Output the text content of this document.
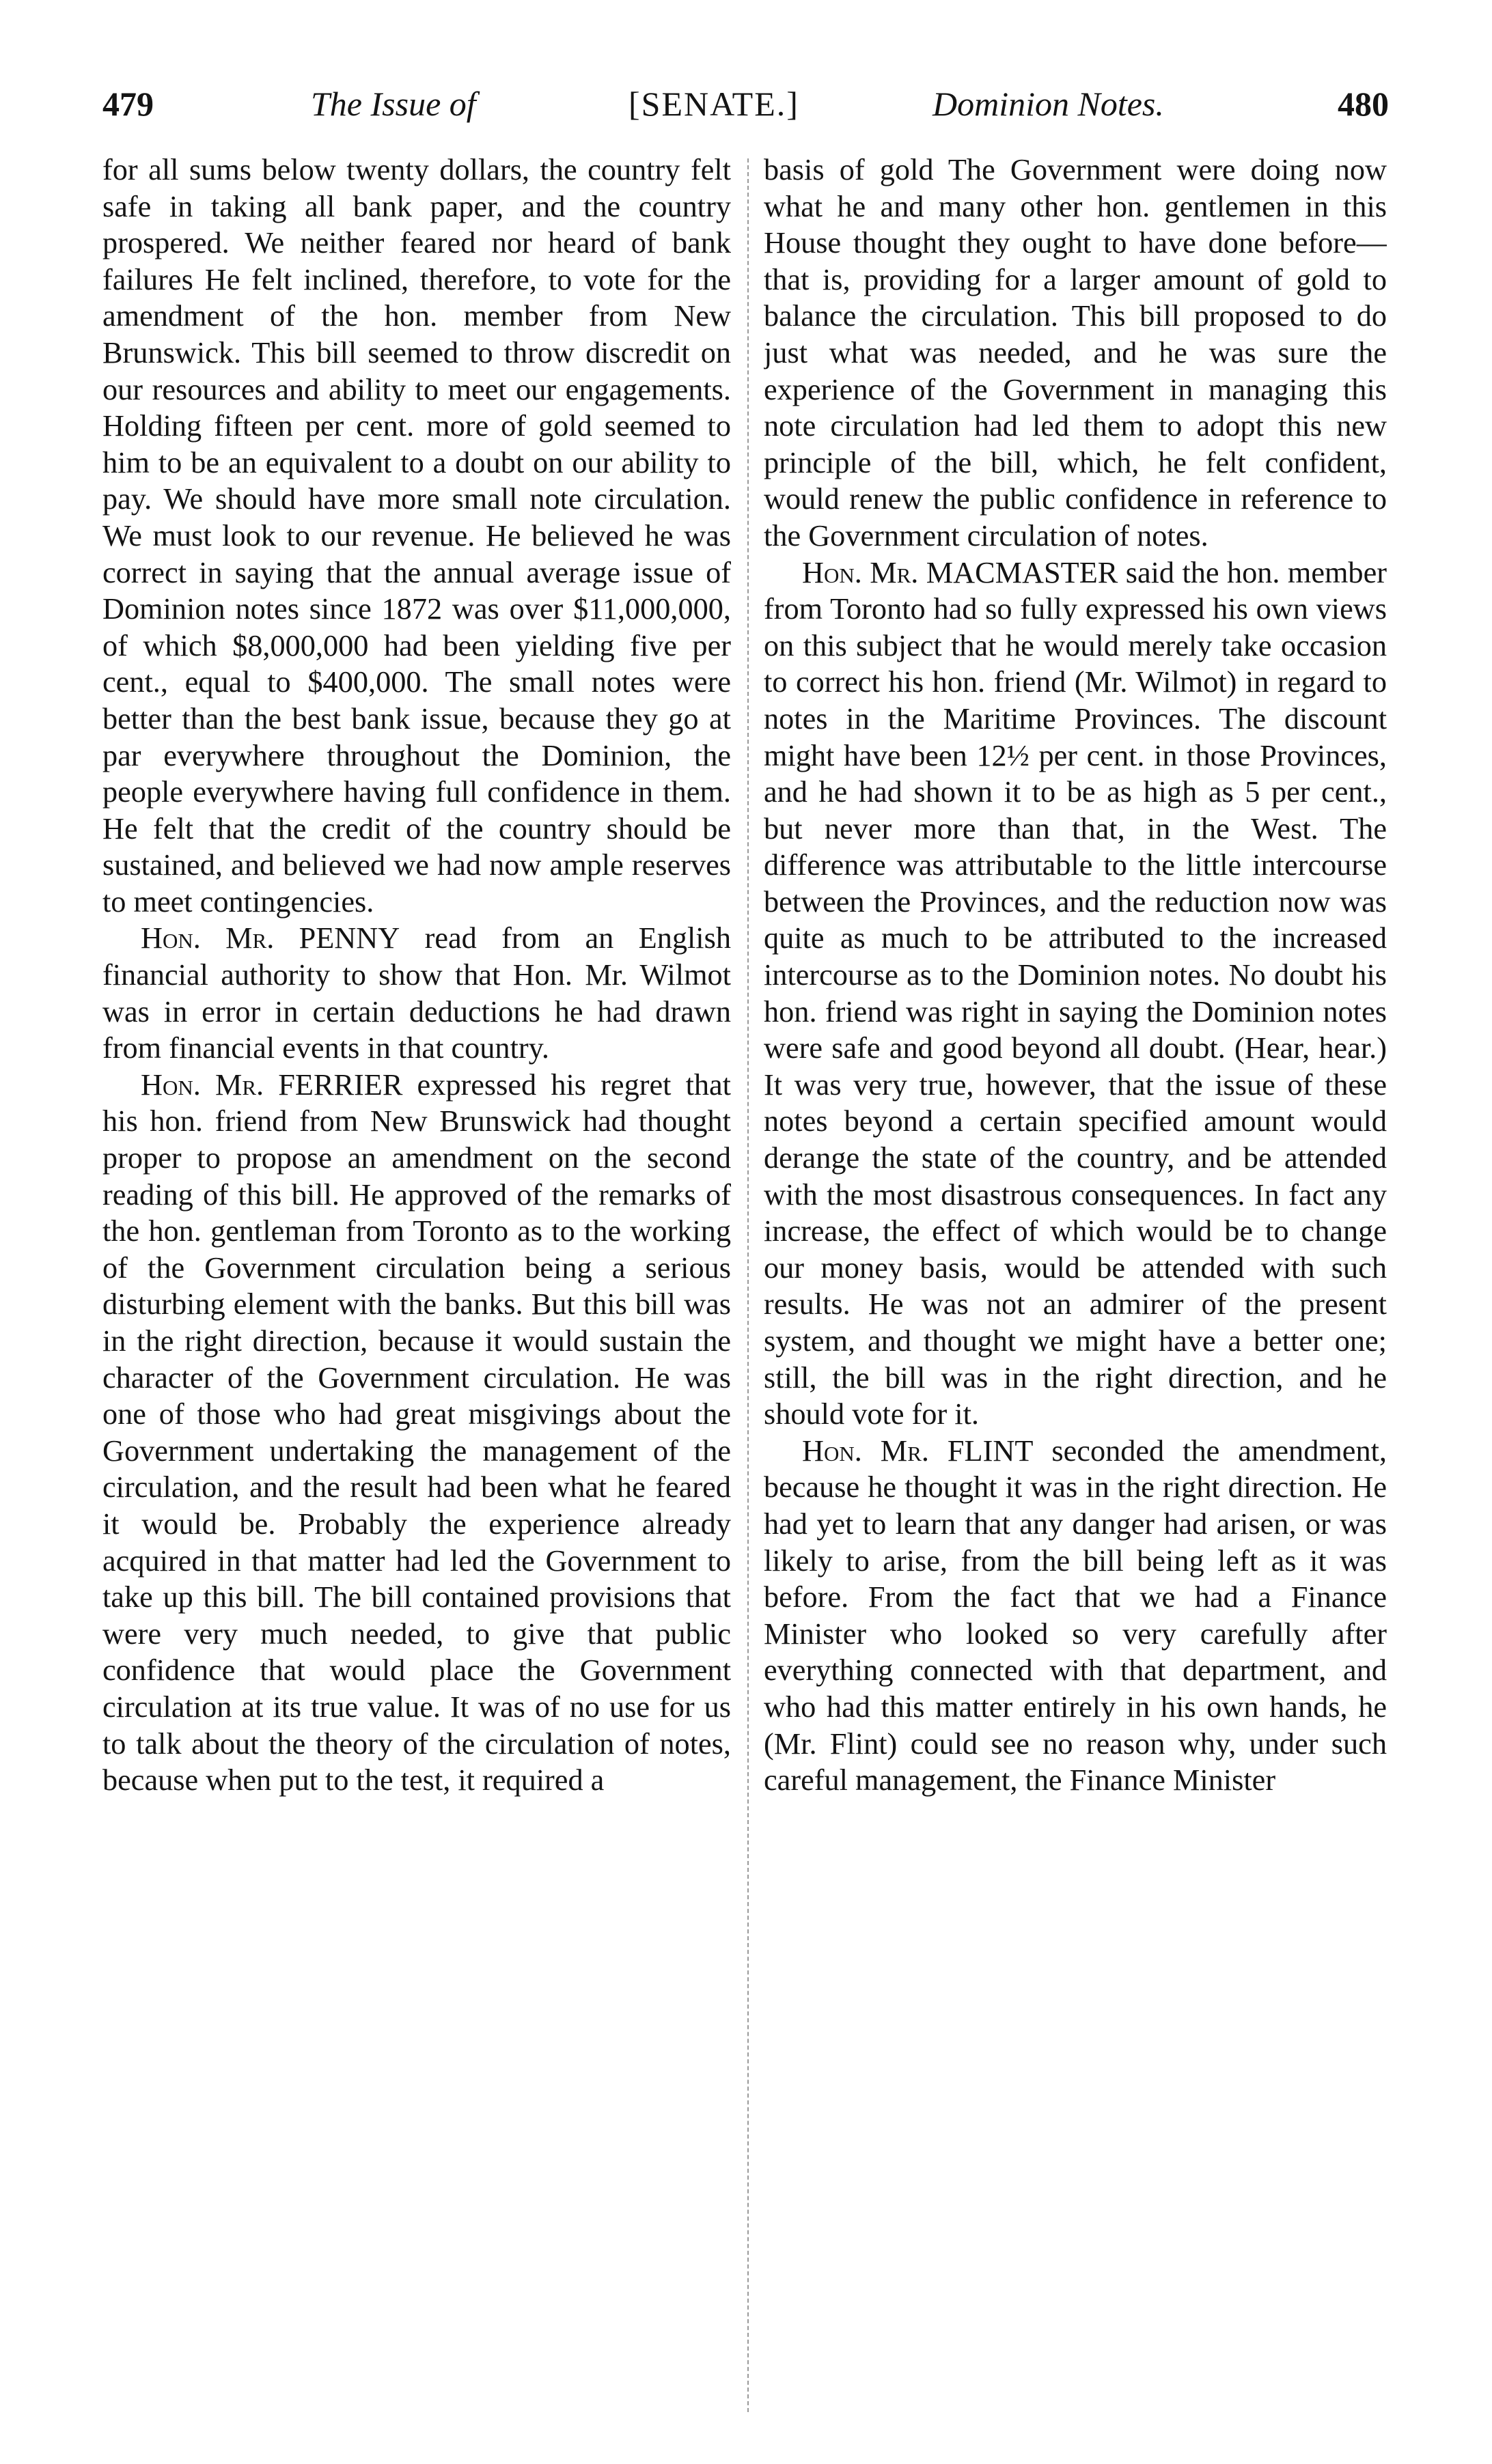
479	The Issue of	[SENATE.]	Dominion Notes.	480

for all sums below twenty dollars, the country felt safe in taking all bank paper, and the country prospered. We neither feared nor heard of bank failures He felt inclined, therefore, to vote for the amendment of the hon. member from New Brunswick. This bill seemed to throw discredit on our resources and ability to meet our engagements. Holding fifteen per cent. more of gold seemed to him to be an equivalent to a doubt on our ability to pay. We should have more small note circulation. We must look to our revenue. He believed he was correct in saying that the annual average issue of Dominion notes since 1872 was over $11,000,000, of which $8,000,000 had been yielding five per cent., equal to $400,000. The small notes were better than the best bank issue, because they go at par everywhere throughout the Dominion, the people everywhere having full confidence in them. He felt that the credit of the country should be sustained, and believed we had now ample reserves to meet contingencies.

Hon. Mr. PENNY read from an English financial authority to show that Hon. Mr. Wilmot was in error in certain deductions he had drawn from financial events in that country.

Hon. Mr. FERRIER expressed his regret that his hon. friend from New Brunswick had thought proper to propose an amendment on the second reading of this bill. He approved of the remarks of the hon. gentleman from Toronto as to the working of the Government circulation being a serious disturbing element with the banks. But this bill was in the right direction, because it would sustain the character of the Government circulation. He was one of those who had great misgivings about the Government undertaking the management of the circulation, and the result had been what he feared it would be. Probably the experience already acquired in that matter had led the Government to take up this bill. The bill contained provisions that were very much needed, to give that public confidence that would place the Government circulation at its true value. It was of no use for us to talk about the theory of the circulation of notes, because when put to the test, it required a

basis of gold The Government were doing now what he and many other hon. gentlemen in this House thought they ought to have done before—that is, providing for a larger amount of gold to balance the circulation. This bill proposed to do just what was needed, and he was sure the experience of the Government in managing this note circulation had led them to adopt this new principle of the bill, which, he felt confident, would renew the public confidence in reference to the Government circulation of notes.

Hon. Mr. MACMASTER said the hon. member from Toronto had so fully expressed his own views on this subject that he would merely take occasion to correct his hon. friend (Mr. Wilmot) in regard to notes in the Maritime Provinces. The discount might have been 12½ per cent. in those Provinces, and he had shown it to be as high as 5 per cent., but never more than that, in the West. The difference was attributable to the little intercourse between the Provinces, and the reduction now was quite as much to be attributed to the increased intercourse as to the Dominion notes. No doubt his hon. friend was right in saying the Dominion notes were safe and good beyond all doubt. (Hear, hear.) It was very true, however, that the issue of these notes beyond a certain specified amount would derange the state of the country, and be attended with the most disastrous consequences. In fact any increase, the effect of which would be to change our money basis, would be attended with such results. He was not an admirer of the present system, and thought we might have a better one; still, the bill was in the right direction, and he should vote for it.

Hon. Mr. FLINT seconded the amendment, because he thought it was in the right direction. He had yet to learn that any danger had arisen, or was likely to arise, from the bill being left as it was before. From the fact that we had a Finance Minister who looked so very carefully after everything connected with that department, and who had this matter entirely in his own hands, he (Mr. Flint) could see no reason why, under such careful management, the Finance Minister
